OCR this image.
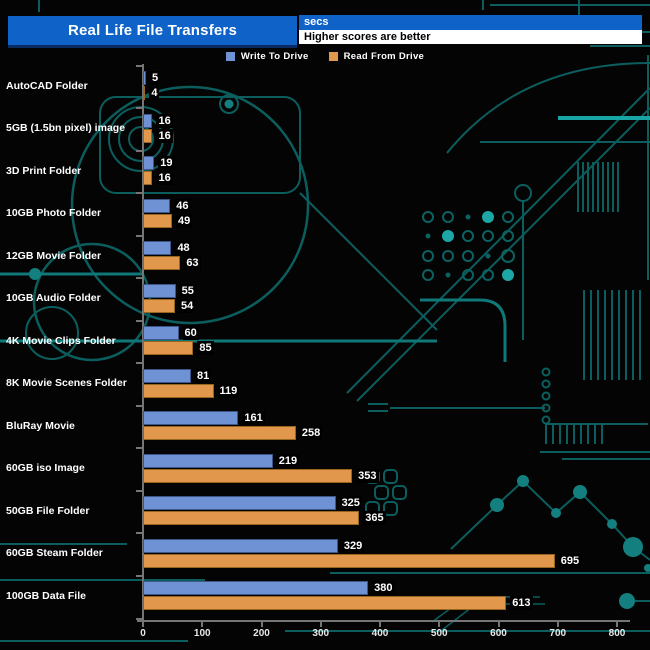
Real Life File Transfers	secs
Higher scores are better
Write To Drive	Read From Drive
AutoCAD Folder
5
4
5GB (1.5bn pixel) image
16
16
3D Print Folder
19
16
10GB Photo Folder
46
49
12GB Movie Folder
48
63
10GB Audio Folder
55
54
4K Movie Clips Folder
60
85
8K Movie Scenes Folder
81
119
BluRay Movie
161
258
60GB iso Image
219
353
50GB File Folder
325
365
60GB Steam Folder
329
695
100GB Data File
380
613
0	100	200	300	400	500	600	700	800
